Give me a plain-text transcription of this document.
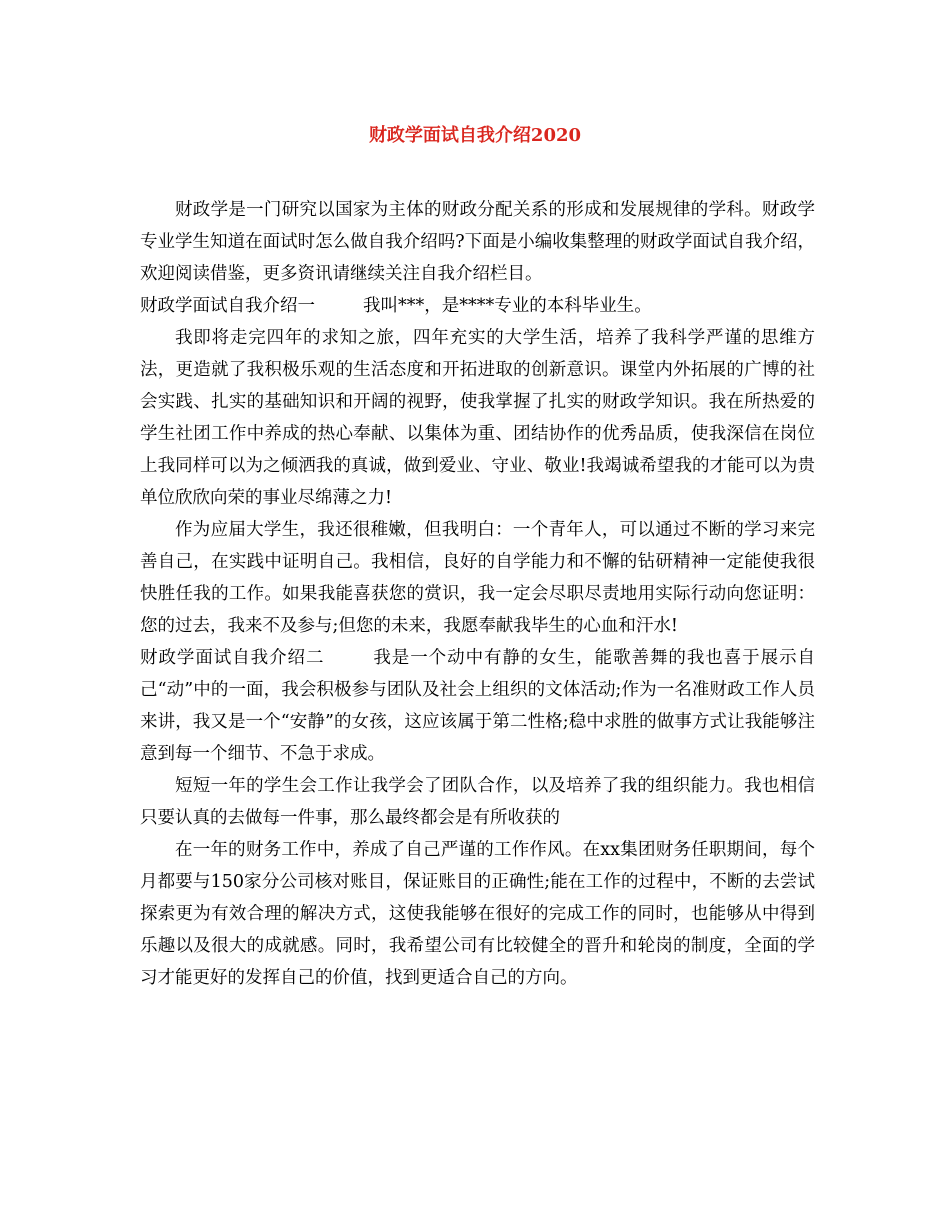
财政学面试自我介绍2020

财政学是一门研究以国家为主体的财政分配关系的形成和发展规律的学科。财政学专业学生知道在面试时怎么做自我介绍吗?下面是小编收集整理的财政学面试自我介绍，欢迎阅读借鉴，更多资讯请继续关注自我介绍栏目。

财政学面试自我介绍一	我叫***，是****专业的本科毕业生。

我即将走完四年的求知之旅，四年充实的大学生活，培养了我科学严谨的思维方法，更造就了我积极乐观的生活态度和开拓进取的创新意识。课堂内外拓展的广博的社会实践、扎实的基础知识和开阔的视野，使我掌握了扎实的财政学知识。我在所热爱的学生社团工作中养成的热心奉献、以集体为重、团结协作的优秀品质，使我深信在岗位上我同样可以为之倾洒我的真诚，做到爱业、守业、敬业!我竭诚希望我的才能可以为贵单位欣欣向荣的事业尽绵薄之力!

作为应届大学生，我还很稚嫩，但我明白：一个青年人，可以通过不断的学习来完善自己，在实践中证明自己。我相信，良好的自学能力和不懈的钻研精神一定能使我很快胜任我的工作。如果我能喜获您的赏识，我一定会尽职尽责地用实际行动向您证明：您的过去，我来不及参与;但您的未来，我愿奉献我毕生的心血和汗水!

财政学面试自我介绍二	我是一个动中有静的女生，能歌善舞的我也喜于展示自己“动”中的一面，我会积极参与团队及社会上组织的文体活动;作为一名准财政工作人员来讲，我又是一个“安静”的女孩，这应该属于第二性格;稳中求胜的做事方式让我能够注意到每一个细节、不急于求成。

短短一年的学生会工作让我学会了团队合作，以及培养了我的组织能力。我也相信只要认真的去做每一件事，那么最终都会是有所收获的

在一年的财务工作中，养成了自己严谨的工作作风。在xx集团财务任职期间，每个月都要与150家分公司核对账目，保证账目的正确性;能在工作的过程中，不断的去尝试探索更为有效合理的解决方式，这使我能够在很好的完成工作的同时，也能够从中得到乐趣以及很大的成就感。同时，我希望公司有比较健全的晋升和轮岗的制度，全面的学习才能更好的发挥自己的价值，找到更适合自己的方向。
